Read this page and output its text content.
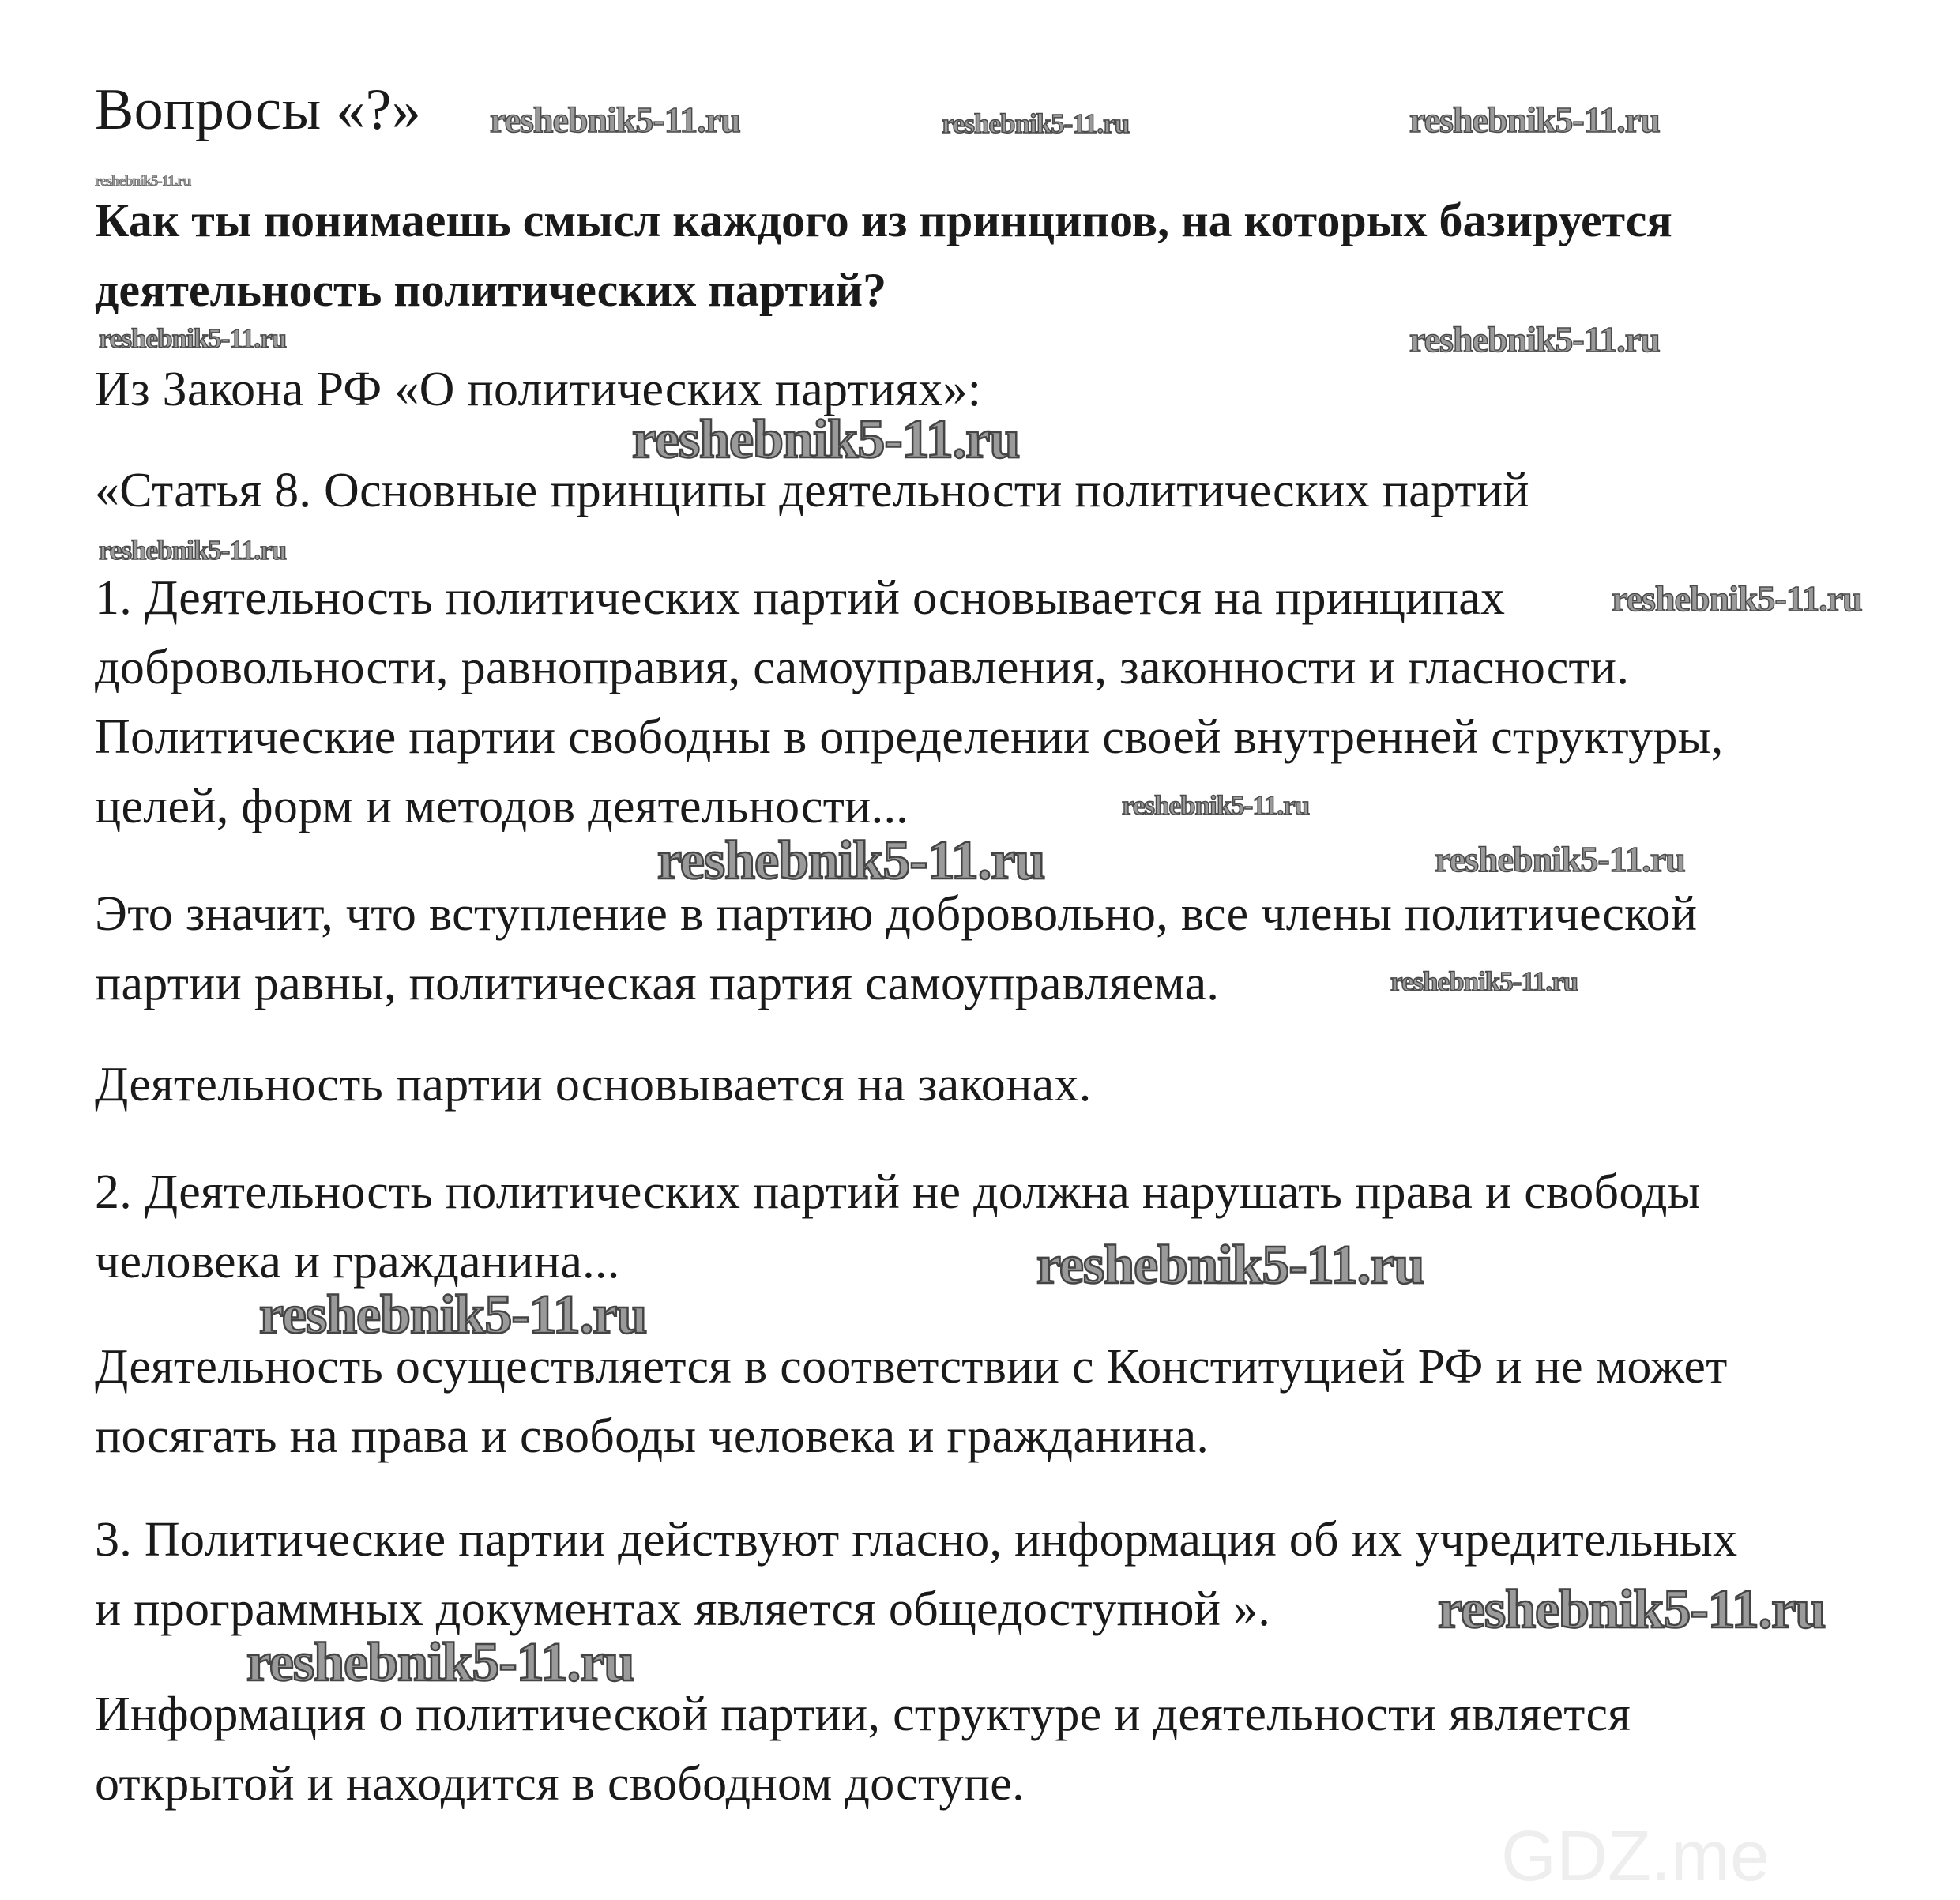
GDZ.me
Вопросы «?»
Как ты понимаешь смысл каждого из принципов, на которых базируется
деятельность политических партий?
Из Закона РФ «О политических партиях»:
«Статья 8. Основные принципы деятельности политических партий
1. Деятельность политических партий основывается на принципах
добровольности, равноправия, самоуправления, законности и гласности.
Политические партии свободны в определении своей внутренней структуры,
целей, форм и методов деятельности...
Это значит, что вступление в партию добровольно, все члены политической
партии равны, политическая партия самоуправляема.
Деятельность партии основывается на законах.
2. Деятельность политических партий не должна нарушать права и свободы
человека и гражданина...
Деятельность осуществляется в соответствии с Конституцией РФ и не может
посягать на права и свободы человека и гражданина.
3. Политические партии действуют гласно, информация об их учредительных
и программных документах является общедоступной ».
Информация о политической партии, структуре и деятельности является
открытой и находится в свободном доступе.
reshebnik5-11.ru	reshebnik5-11.ru	reshebnik5-11.ru
reshebnik5-11.ru
reshebnik5-11.ru	reshebnik5-11.ru
reshebnik5-11.ru
reshebnik5-11.ru
reshebnik5-11.ru
reshebnik5-11.ru
reshebnik5-11.ru	reshebnik5-11.ru
reshebnik5-11.ru
reshebnik5-11.ru
reshebnik5-11.ru
reshebnik5-11.ru
reshebnik5-11.ru
